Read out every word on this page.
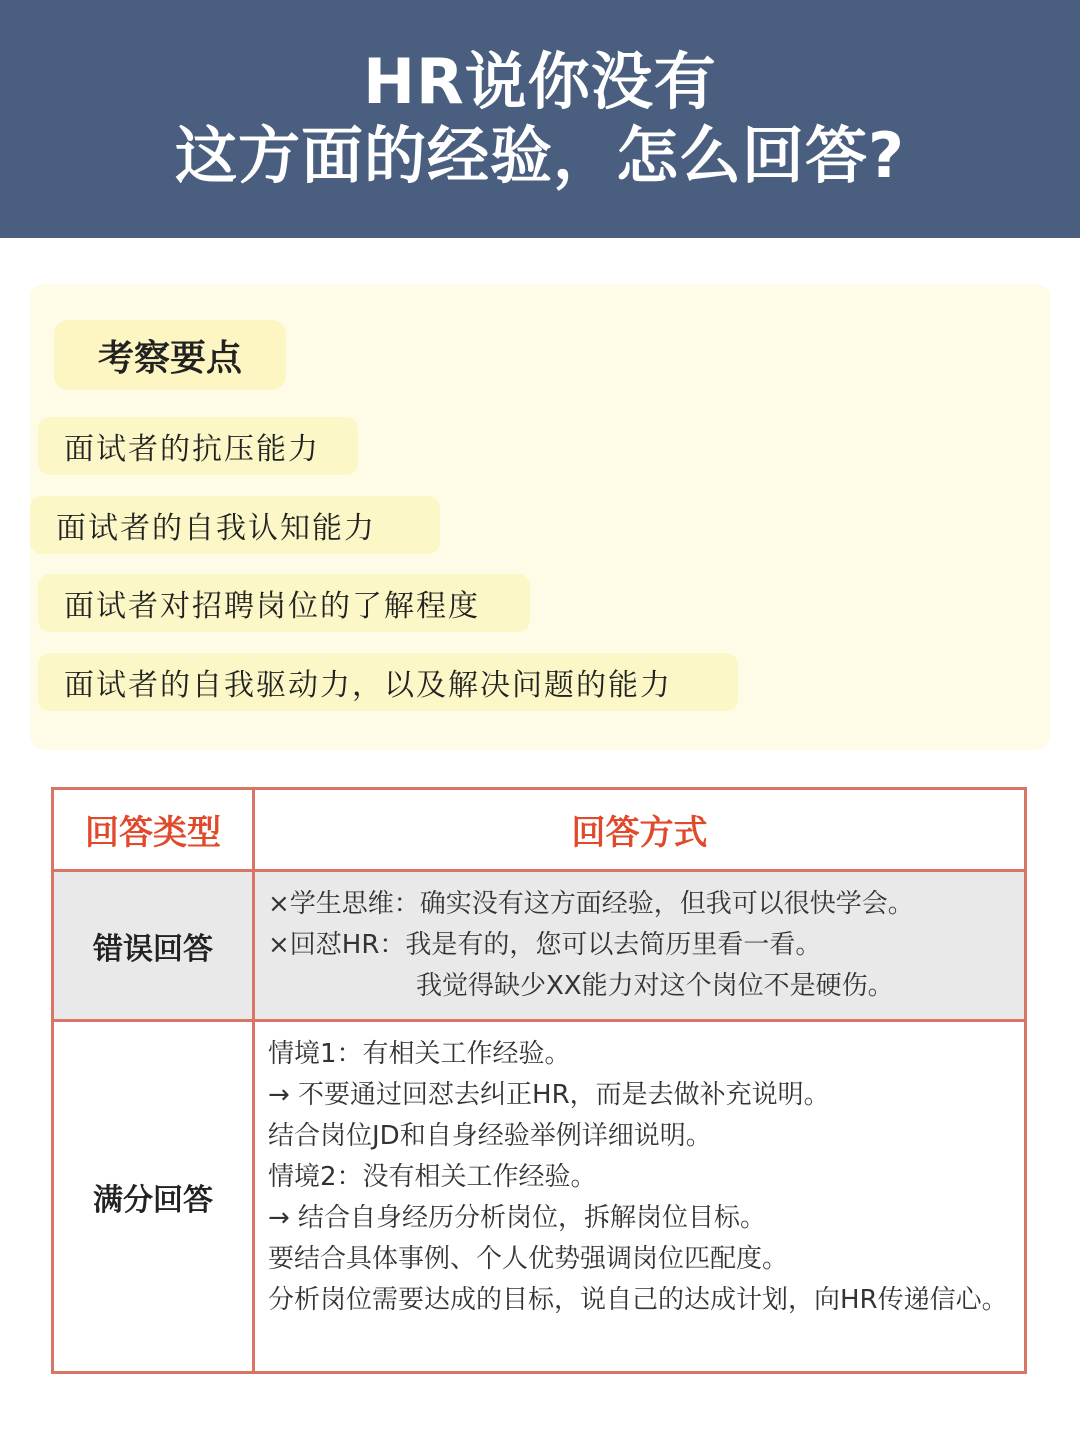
HR说你没有
这方面的经验，怎么回答?
考察要点
面试者的抗压能力
面试者的自我认知能力
面试者对招聘岗位的了解程度
面试者的自我驱动力，以及解决问题的能力
回答类型	回答方式
错误回答
×学生思维：确实没有这方面经验，但我可以很快学会。
×回怼HR：我是有的，您可以去简历里看一看。
我觉得缺少XX能力对这个岗位不是硬伤。
满分回答
情境1：有相关工作经验。
→ 不要通过回怼去纠正HR，而是去做补充说明。
结合岗位JD和自身经验举例详细说明。
情境2：没有相关工作经验。
→ 结合自身经历分析岗位，拆解岗位目标。
要结合具体事例、个人优势强调岗位匹配度。
分析岗位需要达成的目标，说自己的达成计划，向HR传递信心。
